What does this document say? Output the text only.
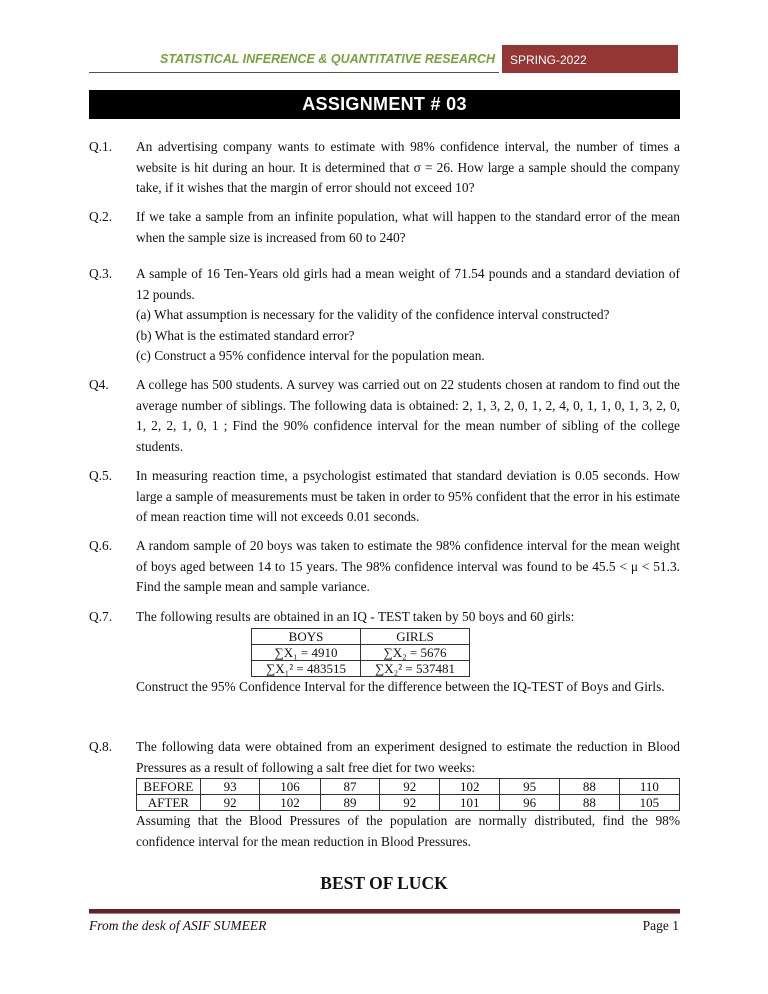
STATISTICAL INFERENCE & QUANTITATIVE RESEARCH	SPRING-2022
ASSIGNMENT # 03
Q.1. An advertising company wants to estimate with 98% confidence interval, the number of times a website is hit during an hour. It is determined that σ = 26. How large a sample should the company take, if it wishes that the margin of error should not exceed 10?

Q.2. If we take a sample from an infinite population, what will happen to the standard error of the mean when the sample size is increased from 60 to 240?

Q.3. A sample of 16 Ten-Years old girls had a mean weight of 71.54 pounds and a standard deviation of 12 pounds.

(a) What assumption is necessary for the validity of the confidence interval constructed?

(b) What is the estimated standard error?

(c) Construct a 95% confidence interval for the population mean.

Q4. A college has 500 students. A survey was carried out on 22 students chosen at random to find out the      average number of siblings. The following data is obtained: 2, 1, 3, 2, 0, 1, 2, 4, 0, 1, 1, 0, 1, 3, 2, 0, 1, 2, 2, 1, 0, 1 ; Find the 90% confidence interval for the mean number of sibling of the college students.

Q.5. In measuring reaction time, a psychologist estimated that standard deviation is 0.05 seconds. How large a sample of measurements must be taken in order to 95% confident that the error in his estimate of mean reaction time will not exceeds 0.01 seconds.

Q.6. A random sample of 20 boys was taken to estimate the 98% confidence interval for the mean weight of boys aged between 14 to 15 years. The 98% confidence interval was found to be 45.5 < μ < 51.3. Find the sample mean and sample variance.

Q.7. The following results are obtained in an IQ - TEST taken by 50 boys and 60 girls:

BOYS	GIRLS
∑X₁ = 4910	∑X₂ = 5676
∑X₁² = 483515	∑X₂² = 537481

Construct the 95% Confidence Interval for the difference between the IQ-TEST of Boys and Girls.

Q.8. The following data were obtained from an experiment designed to estimate the reduction in Blood Pressures as a result of following a salt free diet for two weeks:

BEFORE	93	106	87	92	102	95	88	110
AFTER	92	102	89	92	101	96	88	105

Assuming that the Blood Pressures of the population are normally distributed, find the 98% confidence interval for the mean reduction in Blood Pressures.

BEST OF LUCK
From the desk of ASIF SUMEER	Page 1
